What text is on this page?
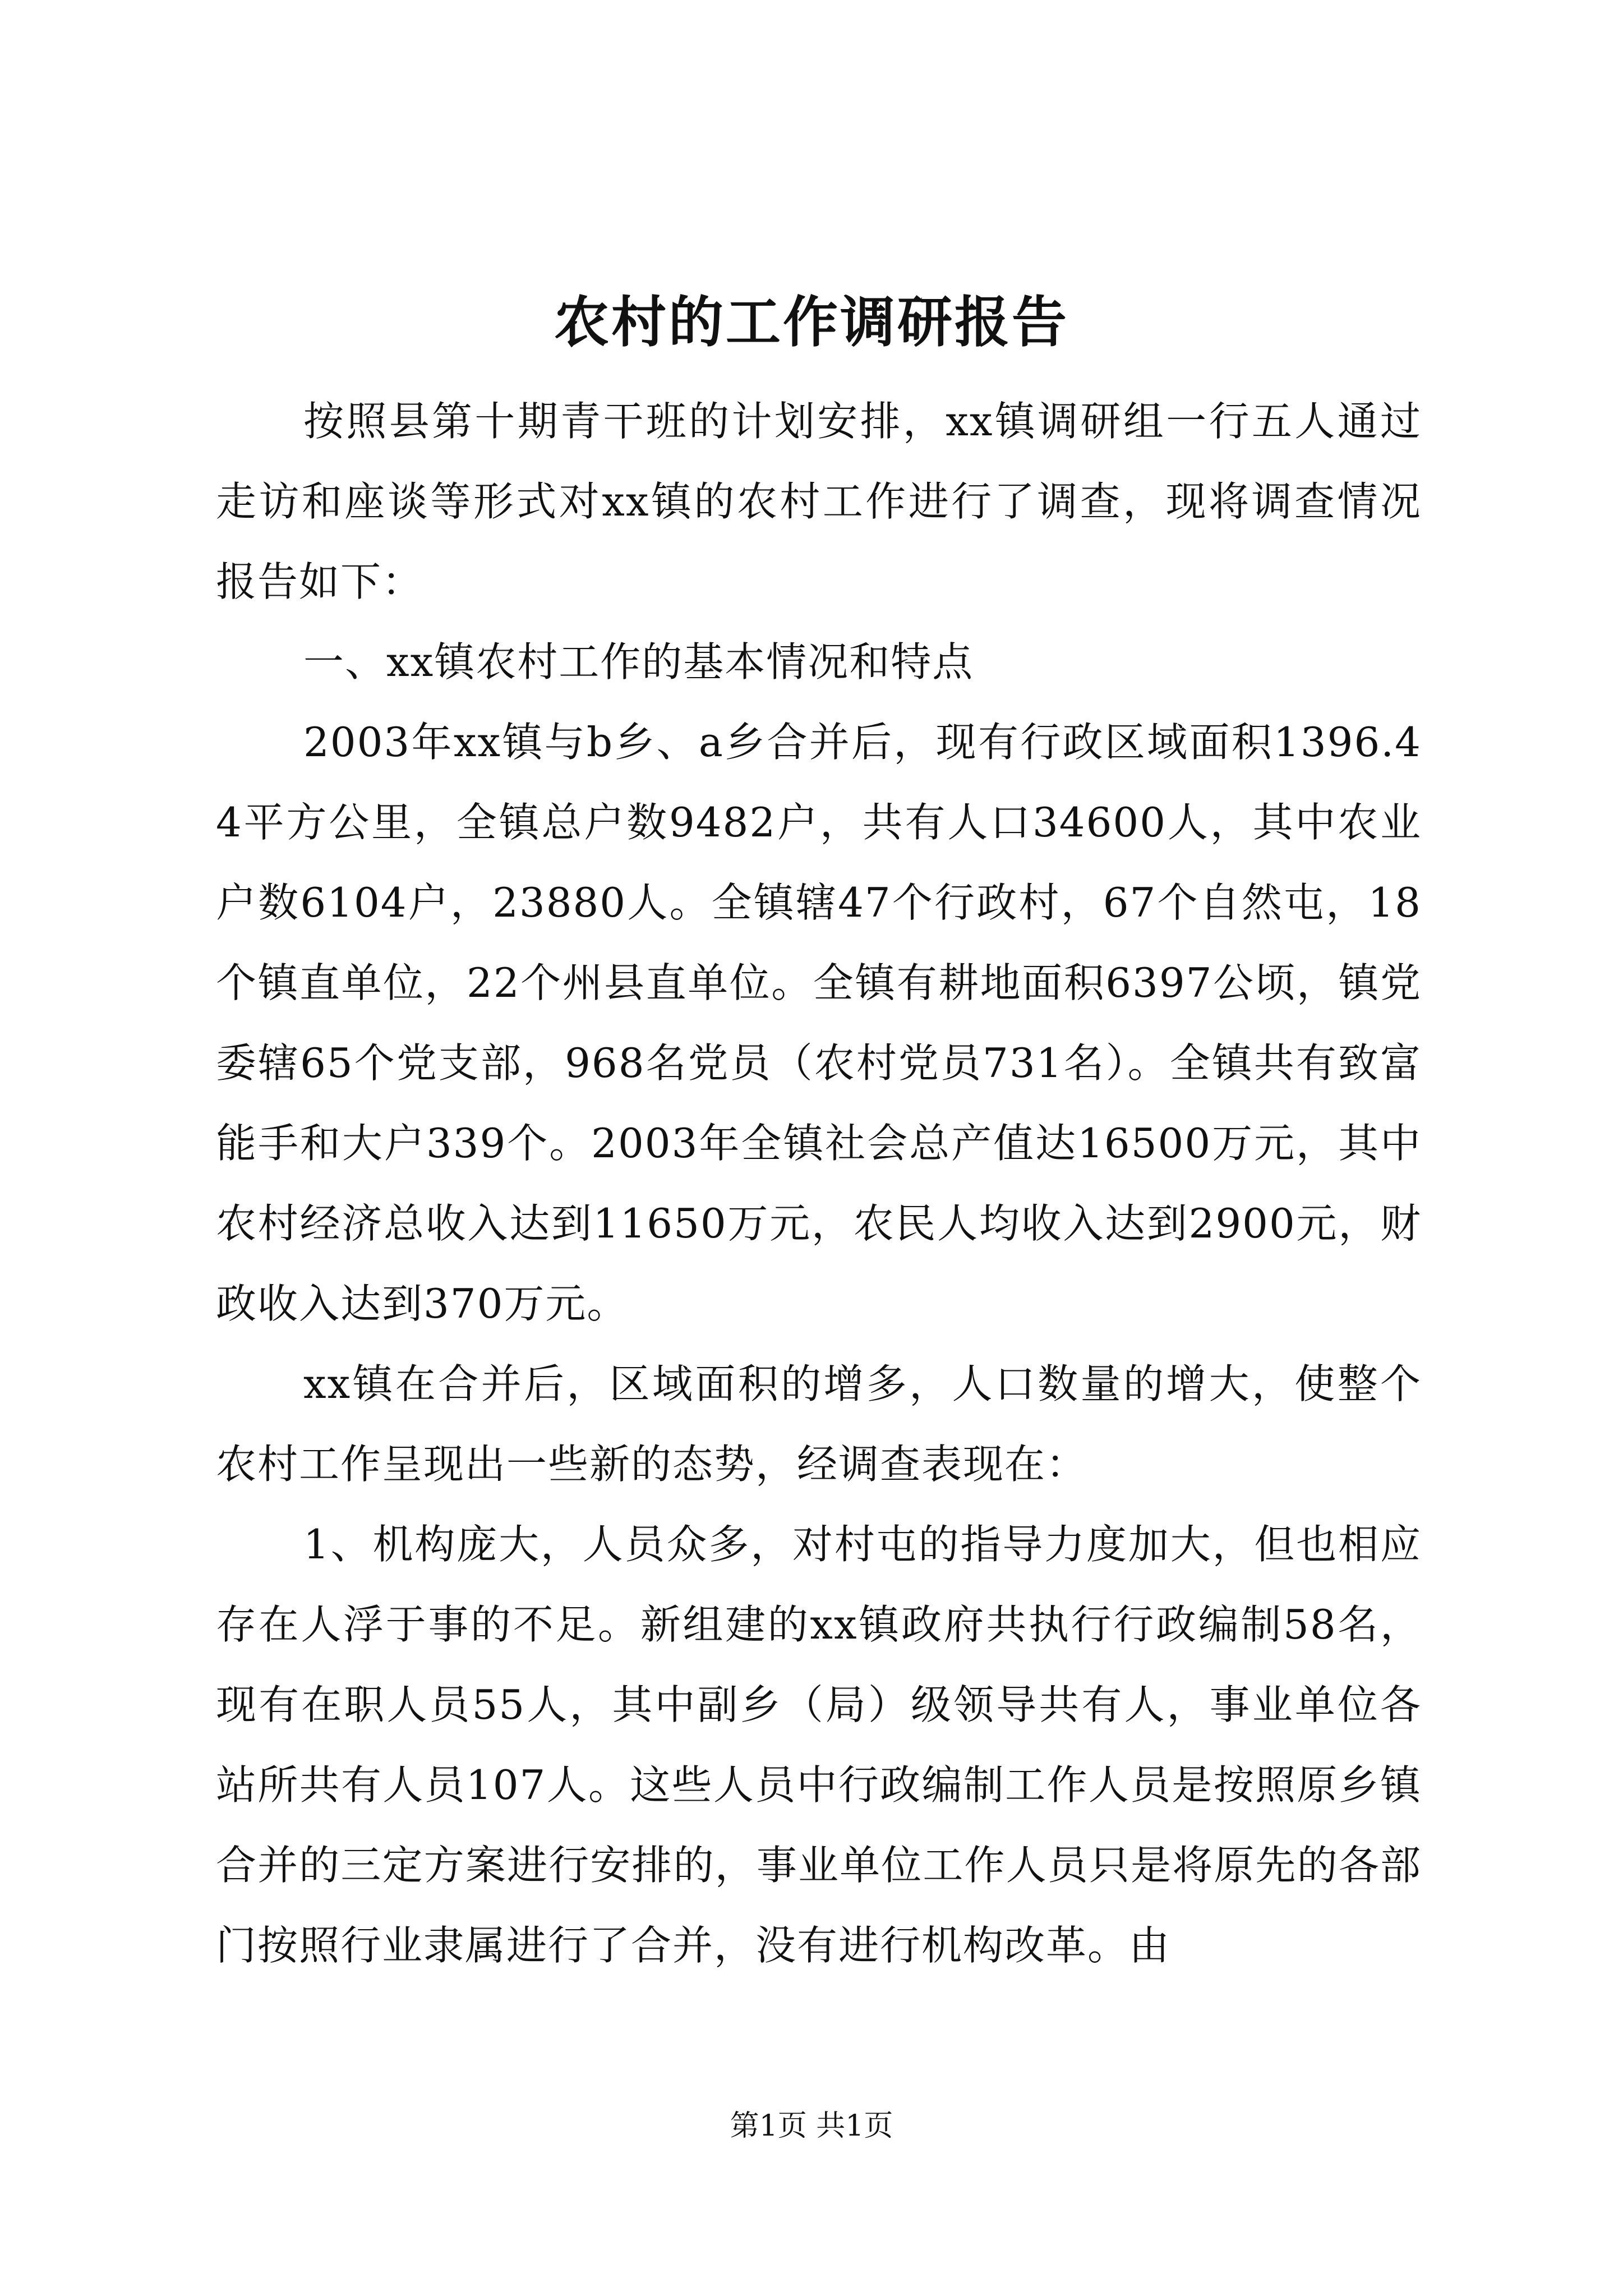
农村的工作调研报告

按照县第十期青干班的计划安排，xx镇调研组一行五人通过走访和座谈等形式对xx镇的农村工作进行了调查，现将调查情况报告如下：

一、xx镇农村工作的基本情况和特点

2003年xx镇与b乡、a乡合并后，现有行政区域面积1396.44平方公里，全镇总户数9482户，共有人口34600人，其中农业户数6104户，23880人。全镇辖47个行政村，67个自然屯，18个镇直单位，22个州县直单位。全镇有耕地面积6397公顷，镇党委辖65个党支部，968名党员（农村党员731名）。全镇共有致富能手和大户339个。2003年全镇社会总产值达16500万元，其中农村经济总收入达到11650万元，农民人均收入达到2900元，财政收入达到370万元。

xx镇在合并后，区域面积的增多，人口数量的增大，使整个农村工作呈现出一些新的态势，经调查表现在：

1、机构庞大，人员众多，对村屯的指导力度加大，但也相应存在人浮于事的不足。新组建的xx镇政府共执行行政编制58名，现有在职人员55人，其中副乡（局）级领导共有人，事业单位各站所共有人员107人。这些人员中行政编制工作人员是按照原乡镇合并的三定方案进行安排的，事业单位工作人员只是将原先的各部门按照行业隶属进行了合并，没有进行机构改革。由

第1页 共1页
